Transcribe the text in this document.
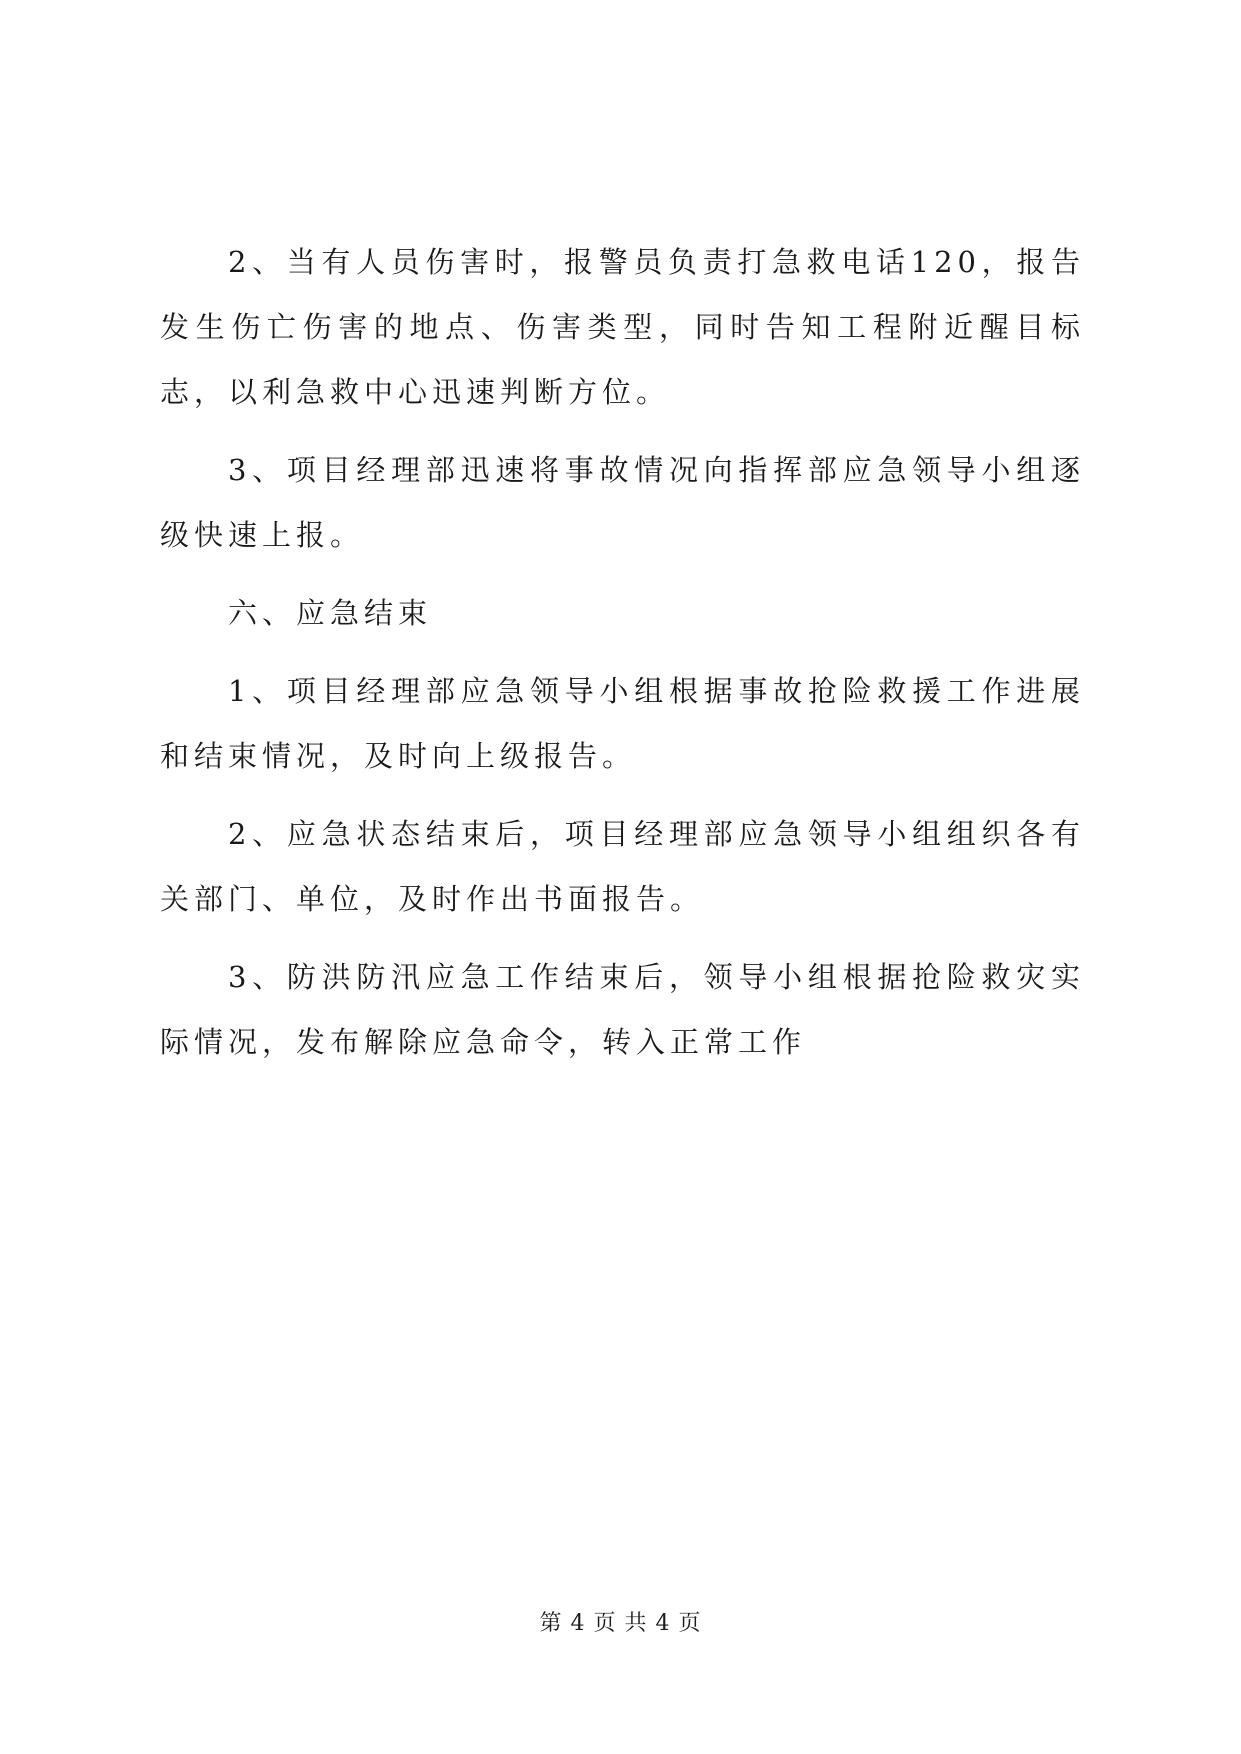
2、当有人员伤害时，报警员负责打急救电话120，报告发生伤亡伤害的地点、伤害类型，同时告知工程附近醒目标志，以利急救中心迅速判断方位。

3、项目经理部迅速将事故情况向指挥部应急领导小组逐级快速上报。

六、应急结束

1、项目经理部应急领导小组根据事故抢险救援工作进展和结束情况，及时向上级报告。

2、应急状态结束后，项目经理部应急领导小组组织各有关部门、单位，及时作出书面报告。

3、防洪防汛应急工作结束后，领导小组根据抢险救灾实际情况，发布解除应急命令，转入正常工作

第 4 页 共 4 页
